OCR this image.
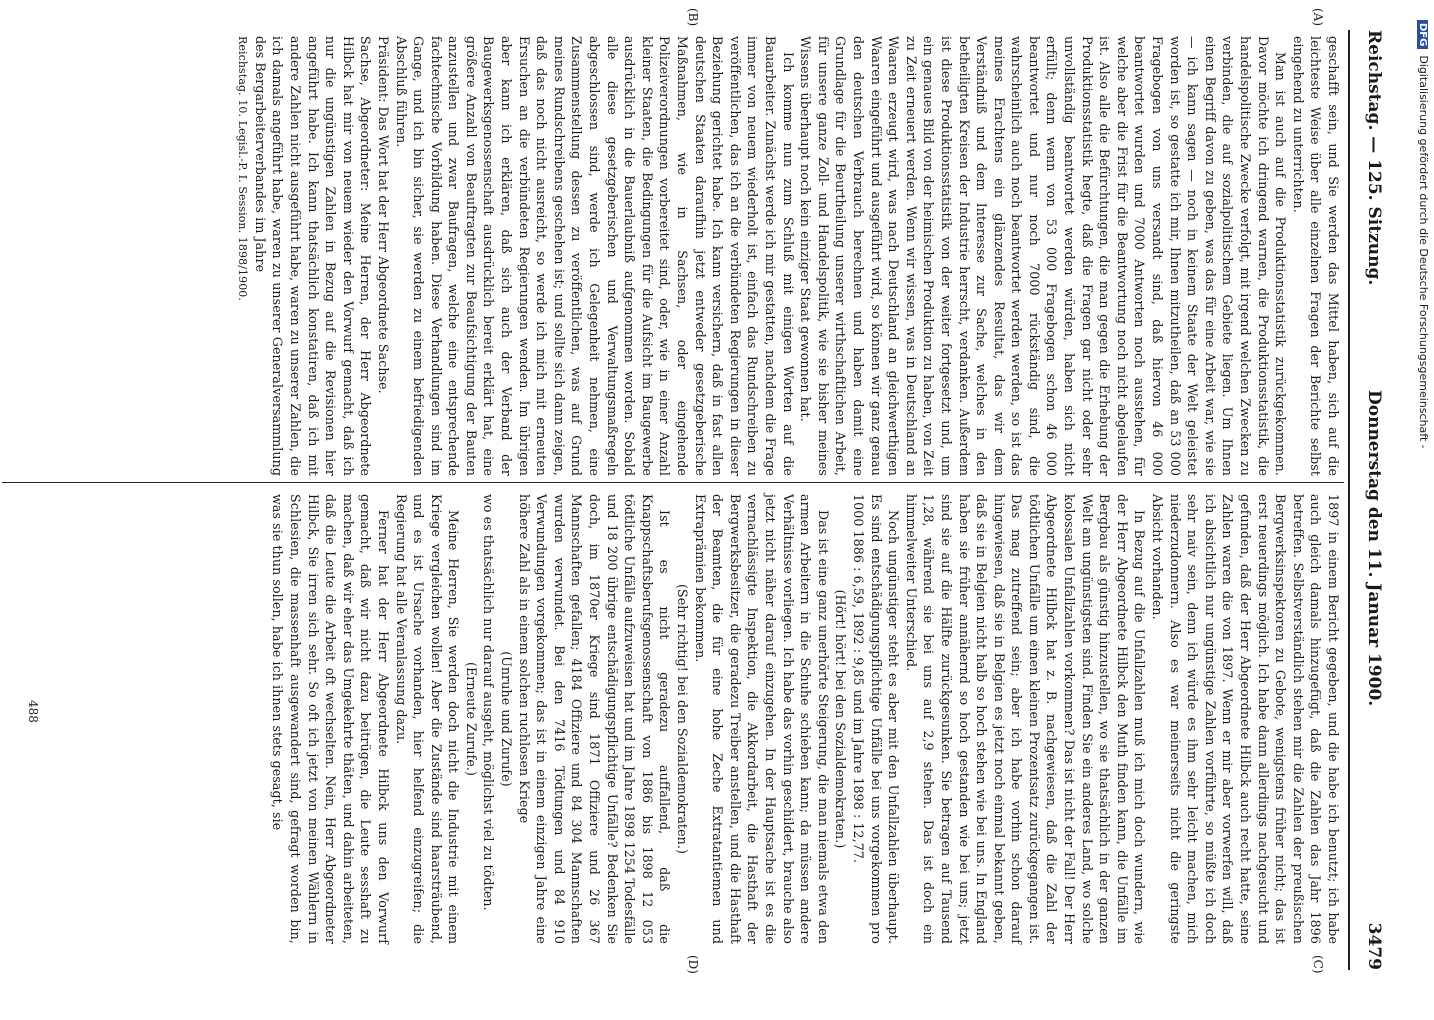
Reichstag. — 125. Sitzung.
Donnerstag den 11. Januar 1900.
3479
(A)
(B)
(C)
(D)

geschafft sein, und Sie werden das Mittel haben, sich auf die leichteste Weise über alle einzelnen Fragen der Berichte selbst eingehend zu unterrichten.

Man ist auch auf die Produktionsstatistik zurückgekommen. Davor möchte ich dringend warnen, die Produktionsstatistik, die handelspolitische Zwecke verfolgt, mit irgend welchen Zwecken zu verbinden, die auf sozialpolitischem Gebiete liegen. Um Ihnen einen Begriff davon zu geben, was das für eine Arbeit war, wie sie — ich kann sagen — noch in keinem Staate der Welt geleistet worden ist, so gestatte ich mir, Ihnen mitzutheilen, daß an 53 000 Fragebogen von uns versandt sind, daß hiervon 46 000 beantwortet wurden und 7000 Antworten noch ausstehen, für welche aber die Frist für die Beantwortung noch nicht abgelaufen ist. Also alle die Befürchtungen, die man gegen die Erhebung der Produktionsstatistik hegte, daß die Fragen gar nicht oder sehr unvollständig beantwortet werden würden, haben sich nicht erfüllt; denn wenn von 53 000 Fragebogen schon 46 000 beantwortet und nur noch 7000 rückständig sind, die wahrscheinlich auch noch beantwortet werden werden, so ist das meines Erachtens ein glänzendes Resultat, das wir dem Verständniß und dem Interesse zur Sache, welches in den betheiligten Kreisen der Industrie herrscht, verdanken. Außerdem ist diese Produktionsstatistik von der weiter fortgesetzt und, um ein genaues Bild von der heimischen Produktion zu haben, von Zeit zu Zeit erneuert werden. Wenn wir wissen, was in Deutschland an Waaren erzeugt wird, was nach Deutschland an gleichwerthigen Waaren eingeführt und ausgeführt wird, so können wir ganz genau den deutschen Verbrauch berechnen und haben damit eine Grundlage für die Beurtheilung unserer wirthschaftlichen Arbeit, für unsere ganze Zoll- und Handelspolitik, wie sie bisher meines Wissens überhaupt noch kein einziger Staat gewonnen hat.

Ich komme nun zum Schluß mit einigen Worten auf die Bauarbeiter. Zunächst werde ich mir gestatten, nachdem die Frage immer von neuem wiederholt ist, einfach das Rundschreiben zu veröffentlichen, das ich an die verbündeten Regierungen in dieser Beziehung gerichtet habe. Ich kann versichern, daß in fast allen deutschen Staaten daraufhin jetzt entweder gesetzgeberische Maßnahmen, wie in Sachsen, oder eingehende Polizeiverordnungen vorbereitet sind, oder, wie in einer Anzahl kleiner Staaten, die Bedingungen für die Aufsicht im Baugewerbe ausdrücklich in die Bauerlaubniß aufgenommen worden. Sobald alle diese gesetzgeberischen und Verwaltungsmaßregeln abgeschlossen sind, werde ich Gelegenheit nehmen, eine Zusammenstellung dessen zu veröffentlichen, was auf Grund meines Rundschreibens geschehen ist; und sollte sich dann zeigen, daß das noch nicht ausreicht, so werde ich mich mit erneuten Ersuchen an die verbündeten Regierungen wenden. Im übrigen aber kann ich erklären, daß sich auch der Verband der Baugewerksgenossenschaft ausdrücklich bereit erklärt hat, eine größere Anzahl von Beauftragten zur Beaufsichtigung der Bauten anzustellen und zwar Baufragen, welche eine entsprechende fachtechnische Vorbildung haben. Diese Verhandlungen sind im Gange, und ich bin sicher, sie werden zu einem befriedigenden Abschluß führen.

Präsident: Das Wort hat der Herr Abgeordnete Sachse.

Sachse, Abgeordneter: Meine Herren, der Herr Abgeordnete Hilbck hat mir von neuem wieder den Vorwurf gemacht, daß ich nur die ungünstigen Zahlen in Bezug auf die Revisionen hier angeführt habe. Ich kann thatsächlich konstatiren, daß ich mit andere Zahlen nicht ausgeführt habe, waren zu unserer Zahlen, die ich damals angeführt habe, waren zu unserer Generalversammlung des Bergarbeiterverbandes im Jahre

Reichstag. 10. Legisl.-P. I. Session. 1898/1900.

1897 in einem Bericht gegeben, und die habe ich benutzt; ich habe auch gleich damals hinzugefügt, daß die Zahlen das Jahr 1896 betreffen. Selbstverständlich stehen mir die Zahlen der preußischen Bergwerksinspektoren zu Gebote, wenigstens früher nicht; das ist erst neuerdings möglich. Ich habe dann allerdings nachgesucht und gefunden, daß der Herr Abgeordnete Hilbck auch recht hatte, seine Zahlen waren die von 1897. Wenn er mir aber vorwerfen will, daß ich absichtlich nur ungünstige Zahlen vorführte, so müßte ich doch sehr naiv sein, denn ich würde es ihm sehr leicht machen, mich niederzudonnern. Also es war meinerseits nicht die geringste Absicht vorhanden.

In Bezug auf die Unfallzahlen muß ich mich doch wundern, wie der Herr Abgeordnete Hilbck den Muth finden kann, die Unfälle im Bergbau als günstig hinzustellen, wo sie thatsächlich in der ganzen Welt am ungünstigsten sind. Finden Sie ein anderes Land, wo solche kolossalen Unfallzahlen vorkommen? Das ist nicht der Fall! Der Herr Abgeordnete Hilbck hat z. B. nachgewiesen, daß die Zahl der tödtlichen Unfälle um einen kleinen Prozentsatz zurückgegangen ist. Das mag zutreffend sein; aber ich habe vorhin schon darauf hingewiesen, daß sie in Belgien es jetzt noch einmal bekannt geben, daß sie in Belgien nicht halb so hoch stehen wie bei uns. In England haben sie früher annähernd so hoch gestanden wie bei uns; jetzt sind sie auf die Hälfte zurückgesunken. Sie betragen auf Tausend 1,28, während sie bei uns auf 2,9 stehen. Das ist doch ein himmelweiter Unterschied.

Noch ungünstiger steht es aber mit den Unfallzahlen überhaupt. Es sind entschädigungspflichtige Unfälle bei uns vorgekommen pro 1000 1886 : 6,59, 1892 : 9,85 und im Jahre 1898 : 12,77.

(Hört! hört! bei den Sozialdemokraten.)

Das ist eine ganz unerhörte Steigerung, die man niemals etwa den armen Arbeitern in die Schuhe schieben kann; da müssen andere Verhältnisse vorliegen. Ich habe das vorhin geschildert, brauche also jetzt nicht näher darauf einzugehen. In der Hauptsache ist es die vernachlässigte Inspektion, die Akkordarbeit, die Hasthaft der Bergwerksbesitzer, die geradezu Treiber anstellen, und die Hasthaft der Beamten, die für eine hohe Zeche Extratantiemen und Extraprämien bekommen.

(Sehr richtig! bei den Sozialdemokraten.)

Ist es nicht geradezu auffallend, daß die Knappschaftsberufsgenossenschaft von 1886 bis 1898 12 053 tödtliche Unfälle aufzuweisen hat und im Jahre 1898 1254 Todesfälle und 18 200 übrige entschädigungspflichtige Unfälle? Bedenken Sie doch, im 1870er Kriege sind 1871 Offiziere und 26 367 Mannschaften gefallen; 4184 Offiziere und 84 304 Mannschaften wurden verwundet. Bei den 7416 Tödtungen und 84 910 Verwundungen vorgekommen; das ist in einem einzigen Jahre eine höhere Zahl als in einem solchen ruchlosen Kriege

(Unruhe und Zurufe)

wo es thatsächlich nur darauf ausgeht, möglichst viel zu tödten.

(Erneute Zurufe.)

Meine Herren, Sie werden doch nicht die Industrie mit einem Kriege vergleichen wollen! Aber die Zustände sind haarsträubend, und es ist Ursache vorhanden, hier helfend einzugreifen; die Regierung hat alle Veranlassung dazu.

Ferner hat der Herr Abgeordnete Hilbck uns den Vorwurf gemacht, daß wir nicht dazu beitrügen, die Leute sesshaft zu machen, daß wir eher das Umgekehrte thäten, und dahin arbeiteten, daß die Leute die Arbeit oft wechselten. Nein, Herr Abgeordneter Hilbck, Sie irren sich sehr. So oft ich jetzt von meinen Wählern in Schlesien, die massenhaft ausgewandert sind, gefragt worden bin, was sie thun sollen, habe ich ihnen stets gesagt, sie

488
DFGDigitalisierung gefördert durch die Deutsche Forschungsgemeinschaft -
